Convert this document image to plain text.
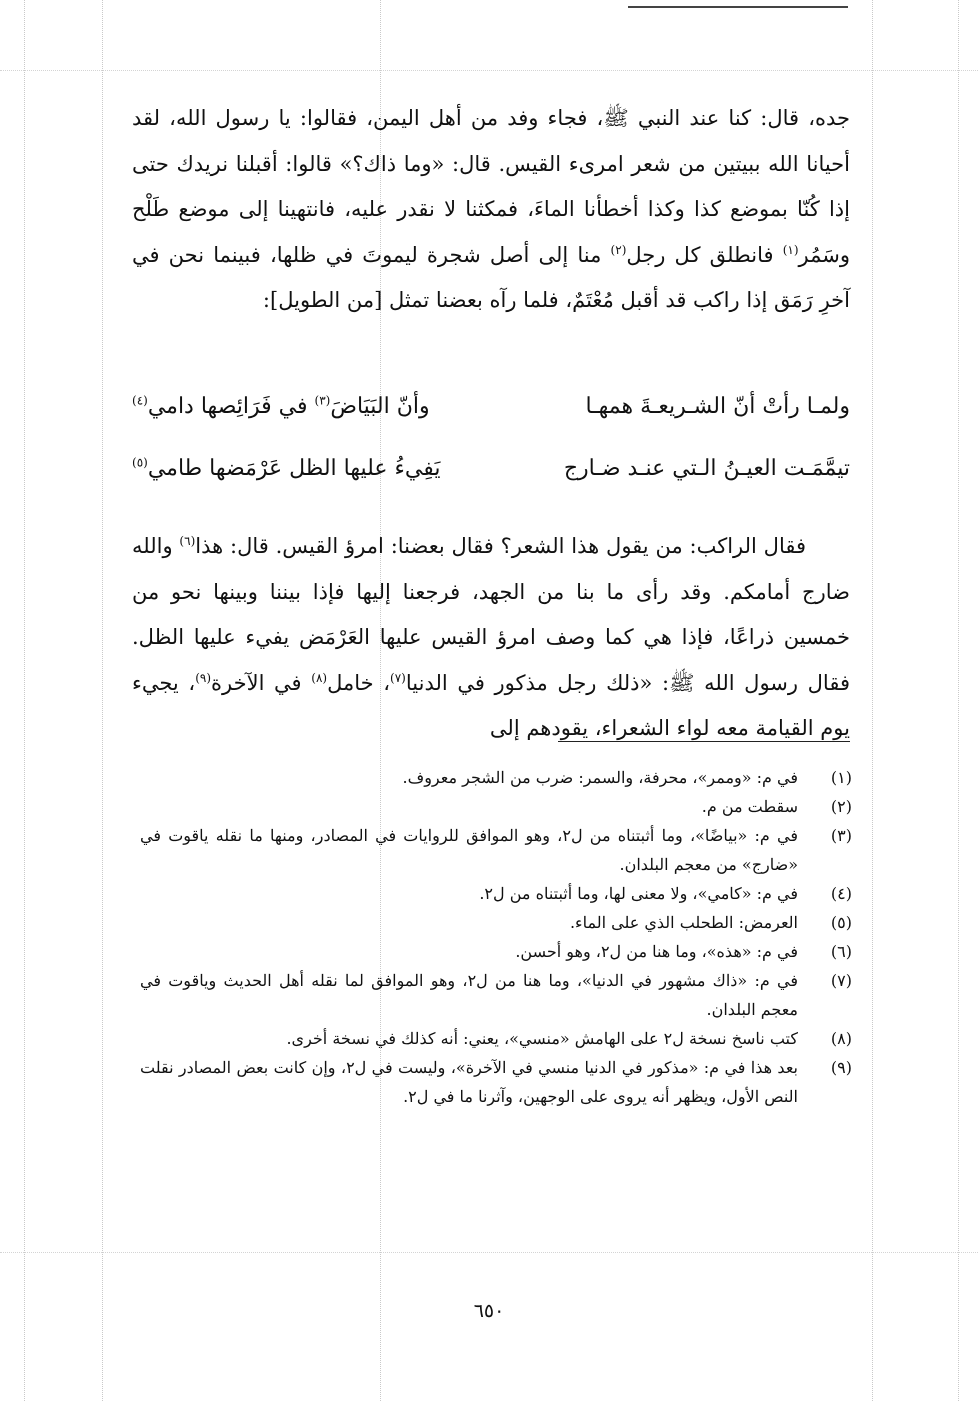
جده، قال: كنا عند النبي ﷺ، فجاء وفد من أهل اليمن، فقالوا: يا رسول الله، لقد أحيانا الله ببيتين من شعر امرىء القيس. قال: «وما ذاك؟» قالوا: أقبلنا نريدك حتى إذا كُنّا بموضع كذا وكذا أخطأنا الماءَ، فمكثنا لا نقدر عليه، فانتهينا إلى موضع طَلْح وسَمُر$^{(١)}$ فانطلق كل رجل$^{(٢)}$ منا إلى أصل شجرة ليموتَ في ظلها، فبينما نحن في آخرِ رَمَق إذا راكب قد أقبل مُعْتَمٌ، فلما رآه بعضنا تمثل [من الطويل]:

ولمـا رأتْ أنّ الشـريعـةَ همهـا
وأنّ البَيَاضَ$^{(٣)}$ في فَرَائِصها دامي$^{(٤)}$
تيمَّمَـت العيـنُ الـتي عنـد ضـارج
يَفِيءُ عليها الظل عَرْمَضها طامي$^{(٥)}$

فقال الراكب: من يقول هذا الشعر؟ فقال بعضنا: امرؤ القيس. قال: هذا$^{(٦)}$ والله ضارج أمامكم. وقد رأى ما بنا من الجهد، فرجعنا إليها فإذا بيننا وبينها نحو من خمسين ذراعًا، فإذا هي كما وصف امرؤ القيس عليها العَرْمَض يفيء عليها الظل. فقال رسول الله ﷺ: «ذلك رجل مذكور في الدنيا$^{(٧)}$، خامل$^{(٨)}$ في الآخرة$^{(٩)}$، يجيء يوم القيامة معه لواء الشعراء، يقودهم إلى

(١)
في م: «وممر»، محرفة، والسمر: ضرب من الشجر معروف.

(٢)
سقطت من م.

(٣)
في م: «بياضًا»، وما أثبتناه من ل٢، وهو الموافق للروايات في المصادر، ومنها ما نقله ياقوت في «ضارج» من معجم البلدان.

(٤)
في م: «كامي»، ولا معنى لها، وما أثبتناه من ل٢.

(٥)
العرمض: الطحلب الذي على الماء.

(٦)
في م: «هذه»، وما هنا من ل٢، وهو أحسن.

(٧)
في م: «ذاك مشهور في الدنيا»، وما هنا من ل٢، وهو الموافق لما نقله أهل الحديث وياقوت في معجم البلدان.

(٨)
كتب ناسخ نسخة ل٢ على الهامش «منسي»، يعني: أنه كذلك في نسخة أخرى.

(٩)
بعد هذا في م: «مذكور في الدنيا منسي في الآخرة»، وليست في ل٢، وإن كانت بعض المصادر نقلت النص الأول، ويظهر أنه يروى على الوجهين، وآثرنا ما في ل٢.

٦٥٠
